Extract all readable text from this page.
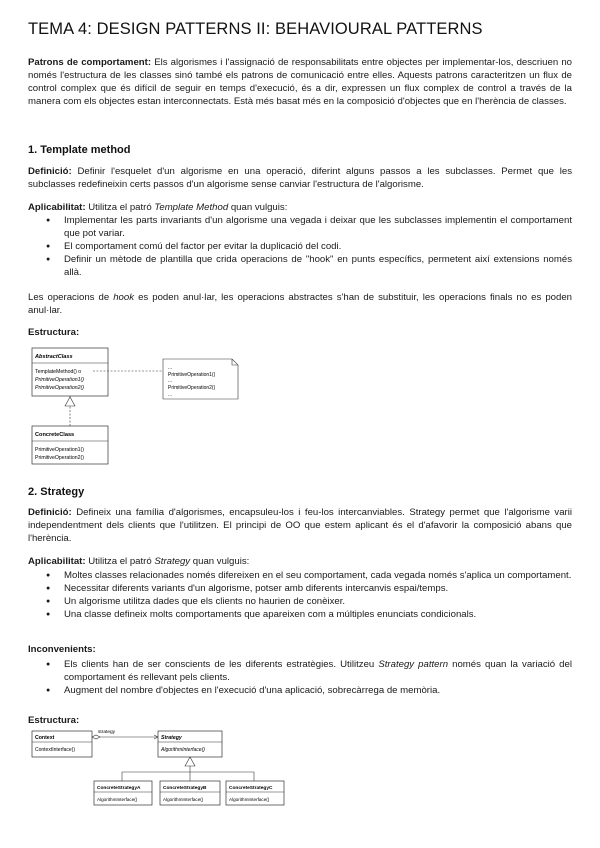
TEMA 4: DESIGN PATTERNS II: BEHAVIOURAL PATTERNS

Patrons de comportament: Els algorismes i l'assignació de responsabilitats entre objectes per implementar-los, descriuen no només l'estructura de les classes sinó també els patrons de comunicació entre elles. Aquests patrons caracteritzen un flux de control complex que és difícil de seguir en temps d'execució, és a dir, expressen un flux complex de control a través de la manera com els objectes estan interconnectats. Està més basat més en la composició d'objectes que en l'herència de classes.

1. Template method

Definició: Definir l'esquelet d'un algorisme en una operació, diferint alguns passos a les subclasses. Permet que les subclasses redefineixin certs passos d'un algorisme sense canviar l'estructura de l'algorisme.

Aplicabilitat: Utilitza el patró Template Method quan vulguis:

● Implementar les parts invariants d'un algorisme una vegada i deixar que les subclasses implementin el comportament que pot variar.
● El comportament comú del factor per evitar la duplicació del codi.
● Definir un mètode de plantilla que crida operacions de "hook" en punts específics, permetent així extensions només allà.

Les operacions de hook es poden anul·lar, les operacions abstractes s'han de substituir, les operacions finals no es poden anul·lar.

Estructura:

AbstractClass
TemplateMethod() o
PrimitiveOperation1()
PrimitiveOperation2()
...
PrimitiveOperation1()
...
PrimitiveOperation2()
...
ConcreteClass
PrimitiveOperation1()
PrimitiveOperation2()
2. Strategy

Definició: Defineix una família d'algorismes, encapsuleu-los i feu-los intercanviables. Strategy permet que l'algorisme varii independentment dels clients que l'utilitzen. El principi de OO que estem aplicant és el d'afavorir la composició abans que l'herència.

Aplicabilitat: Utilitza el patró Strategy quan vulguis:

● Moltes classes relacionades només difereixen en el seu comportament, cada vegada només s'aplica un comportament.
● Necessitar diferents variants d'un algorisme, potser amb diferents intercanvis espai/temps.
● Un algorisme utilitza dades que els clients no haurien de conèixer.
● Una classe defineix molts comportaments que apareixen com a múltiples enunciats condicionals.

Inconvenients:

● Els clients han de ser conscients de les diferents estratègies. Utilitzeu Strategy pattern només quan la variació del comportament és rellevant pels clients.
● Augment del nombre d'objectes en l'execució d'una aplicació, sobrecàrrega de memòria.

Estructura:

Context
ContextInterface()
strategy
Strategy
AlgorithmInterface()
ConcreteStrategyA
AlgorithmInterface()
ConcreteStrategyB
AlgorithmInterface()
ConcreteStrategyC
AlgorithmInterface()
